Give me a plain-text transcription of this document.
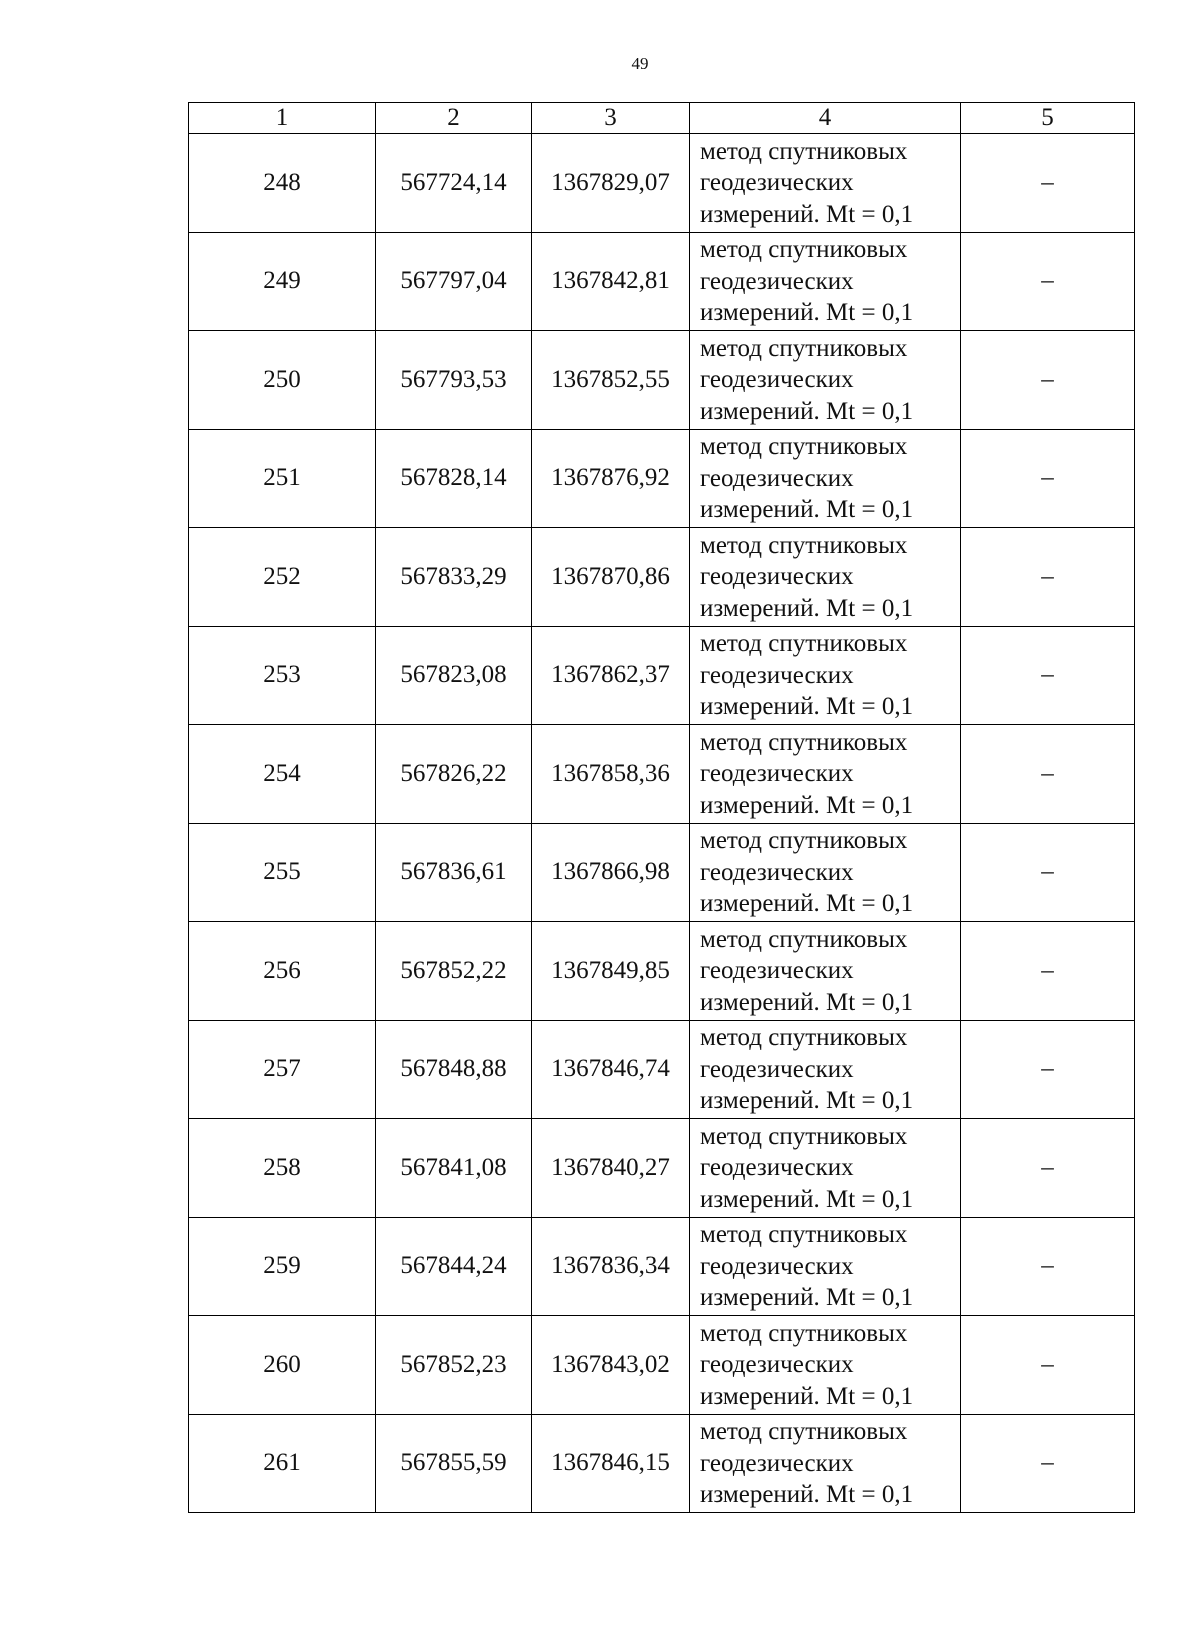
49
1	2	3	4	5
248	567724,14	1367829,07	метод спутниковых
геодезических
измерений. Mt = 0,1	–
249	567797,04	1367842,81	метод спутниковых
геодезических
измерений. Mt = 0,1	–
250	567793,53	1367852,55	метод спутниковых
геодезических
измерений. Mt = 0,1	–
251	567828,14	1367876,92	метод спутниковых
геодезических
измерений. Mt = 0,1	–
252	567833,29	1367870,86	метод спутниковых
геодезических
измерений. Mt = 0,1	–
253	567823,08	1367862,37	метод спутниковых
геодезических
измерений. Mt = 0,1	–
254	567826,22	1367858,36	метод спутниковых
геодезических
измерений. Mt = 0,1	–
255	567836,61	1367866,98	метод спутниковых
геодезических
измерений. Mt = 0,1	–
256	567852,22	1367849,85	метод спутниковых
геодезических
измерений. Mt = 0,1	–
257	567848,88	1367846,74	метод спутниковых
геодезических
измерений. Mt = 0,1	–
258	567841,08	1367840,27	метод спутниковых
геодезических
измерений. Mt = 0,1	–
259	567844,24	1367836,34	метод спутниковых
геодезических
измерений. Mt = 0,1	–
260	567852,23	1367843,02	метод спутниковых
геодезических
измерений. Mt = 0,1	–
261	567855,59	1367846,15	метод спутниковых
геодезических
измерений. Mt = 0,1	–
